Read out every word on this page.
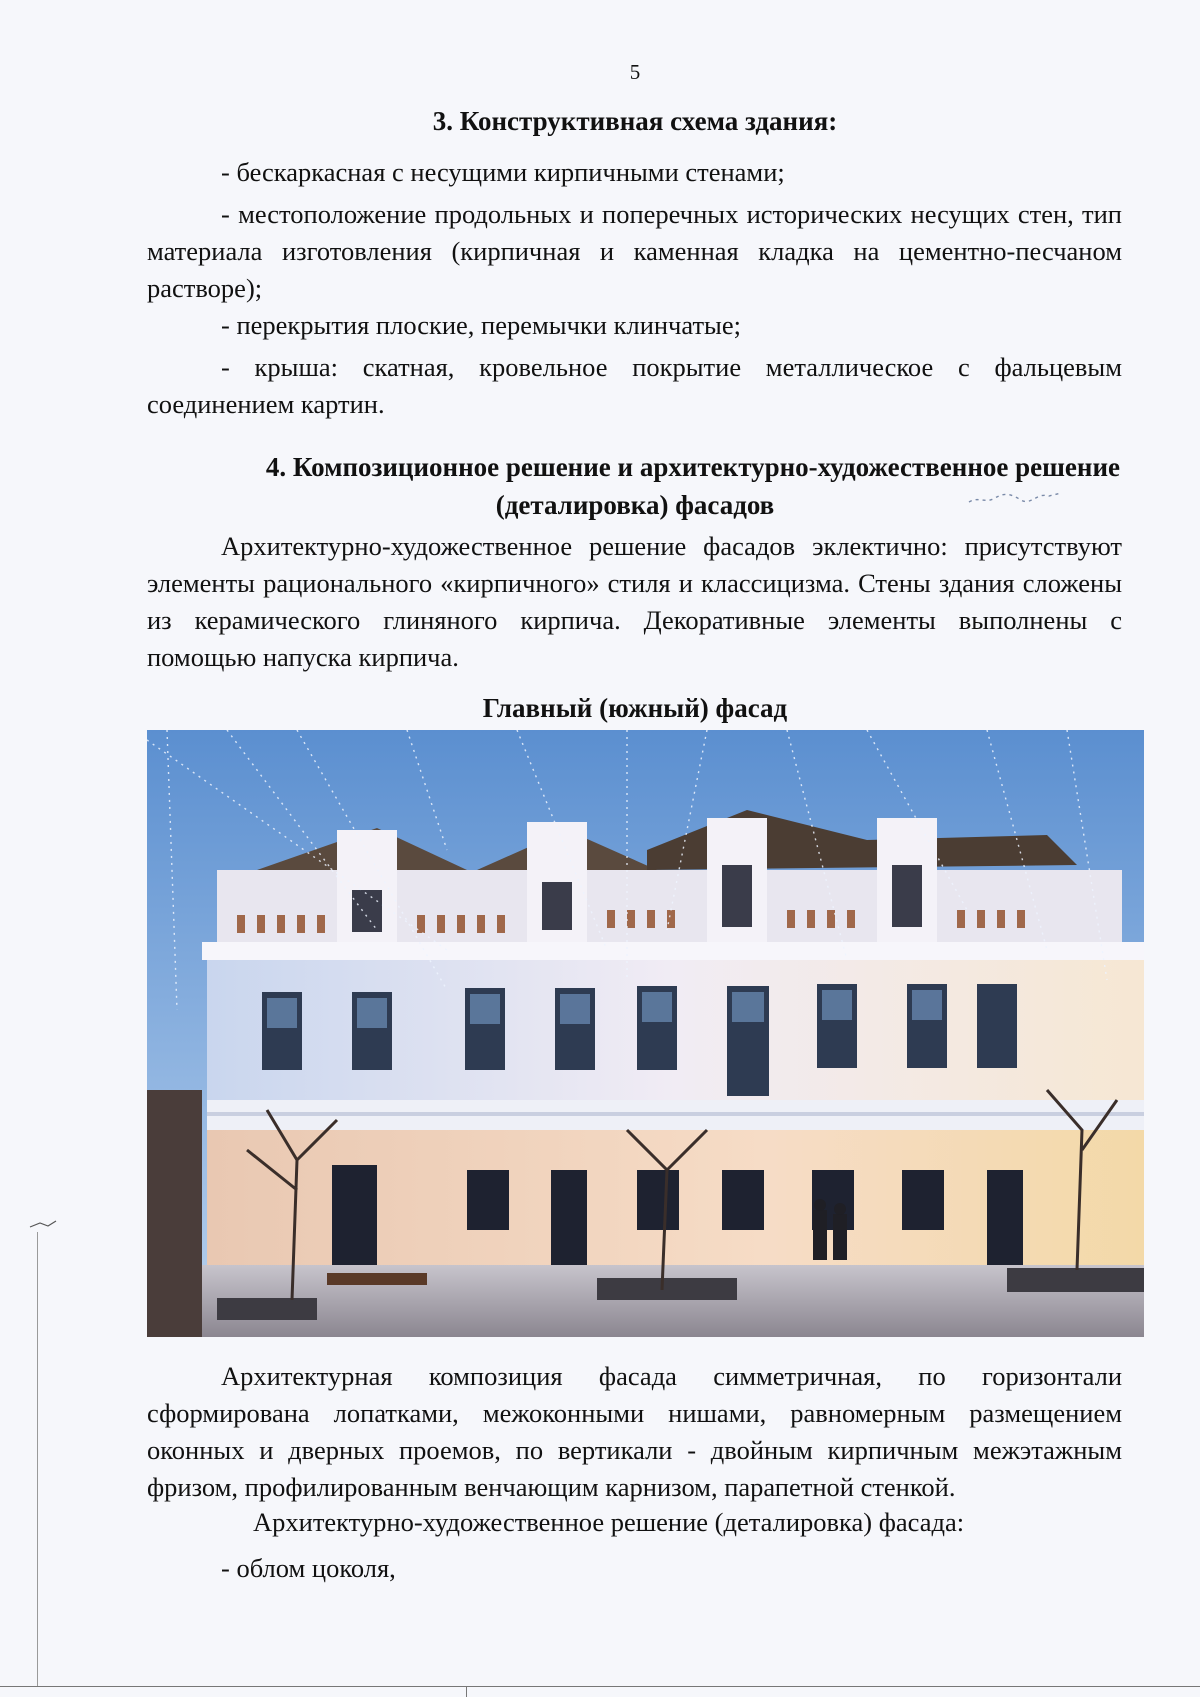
5
3. Конструктивная схема здания:
- бескаркасная с несущими кирпичными стенами;
- местоположение продольных и поперечных исторических несущих стен, тип материала изготовления (кирпичная и каменная кладка на цементно-песчаном растворе);
- перекрытия плоские, перемычки клинчатые;
- крыша: скатная, кровельное покрытие металлическое с фальцевым соединением картин.
4. Композиционное решение и архитектурно-художественное решение
(деталировка) фасадов
Архитектурно-художественное решение фасадов эклектично: присутствуют элементы рационального «кирпичного» стиля и классицизма. Стены здания сложены из керамического глиняного кирпича. Декоративные элементы выполнены с помощью напуска кирпича.
Главный (южный) фасад
Архитектурная композиция фасада симметричная, по горизонтали сформирована лопатками, межоконными нишами, равномерным размещением оконных и дверных проемов, по вертикали - двойным кирпичным межэтажным фризом, профилированным венчающим карнизом, парапетной стенкой.
Архитектурно-художественное решение (деталировка) фасада:
- облом цоколя,
